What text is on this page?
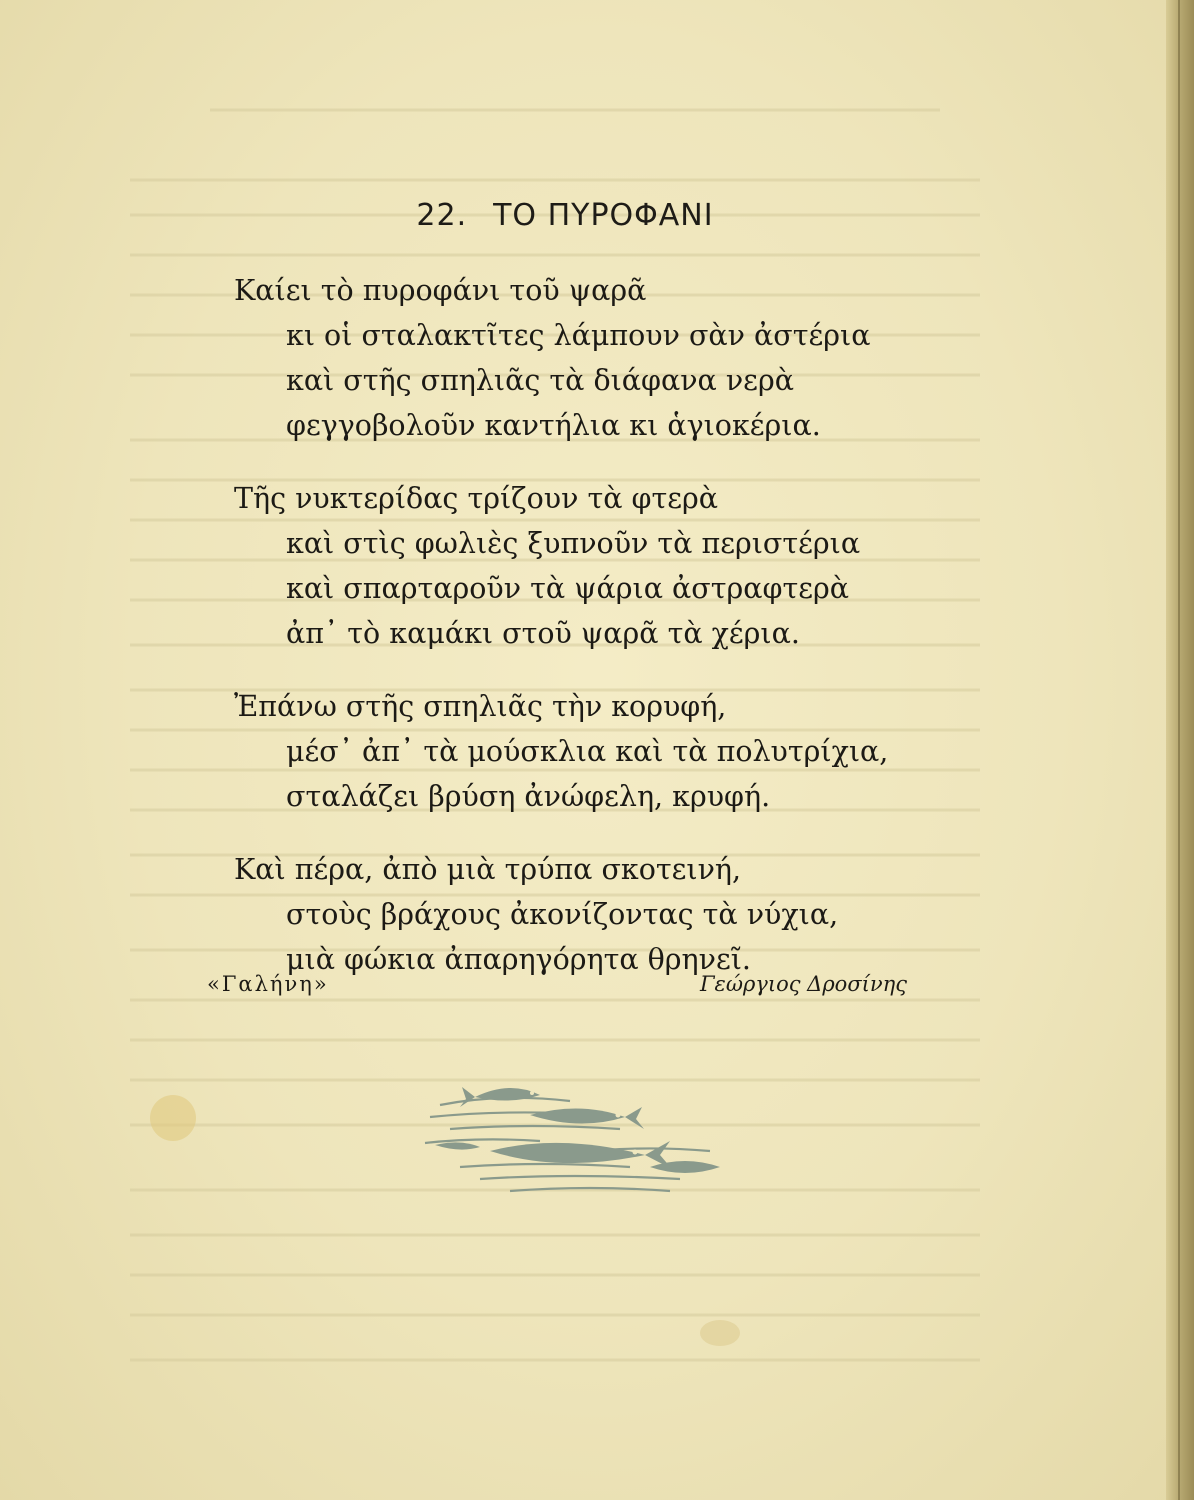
22. ΤΟ ΠΥΡΟΦΑΝΙ
Καίει τὸ πυροφάνι τοῦ ψαρᾶ
κι οἱ σταλακτῖτες λάμπουν σὰν ἀστέρια
καὶ στῆς σπηλιᾶς τὰ διάφανα νερὰ
φεγγοβολοῦν καντήλια κι ἁγιοκέρια.
Τῆς νυκτερίδας τρίζουν τὰ φτερὰ
καὶ στὶς φωλιὲς ξυπνοῦν τὰ περιστέρια
καὶ σπαρταροῦν τὰ ψάρια ἀστραφτερὰ
ἀπ᾿ τὸ καμάκι στοῦ ψαρᾶ τὰ χέρια.
Ἐπάνω στῆς σπηλιᾶς τὴν κορυφή,
μέσ᾿ ἀπ᾿ τὰ μούσκλια καὶ τὰ πολυτρίχια,
σταλάζει βρύση ἀνώφελη, κρυφή.
Καὶ πέρα, ἀπὸ μιὰ τρύπα σκοτεινή,
στοὺς βράχους ἀκονίζοντας τὰ νύχια,
μιὰ φώκια ἀπαρηγόρητα θρηνεῖ.
«Γαλήνη»	Γεώργιος Δροσίνης
